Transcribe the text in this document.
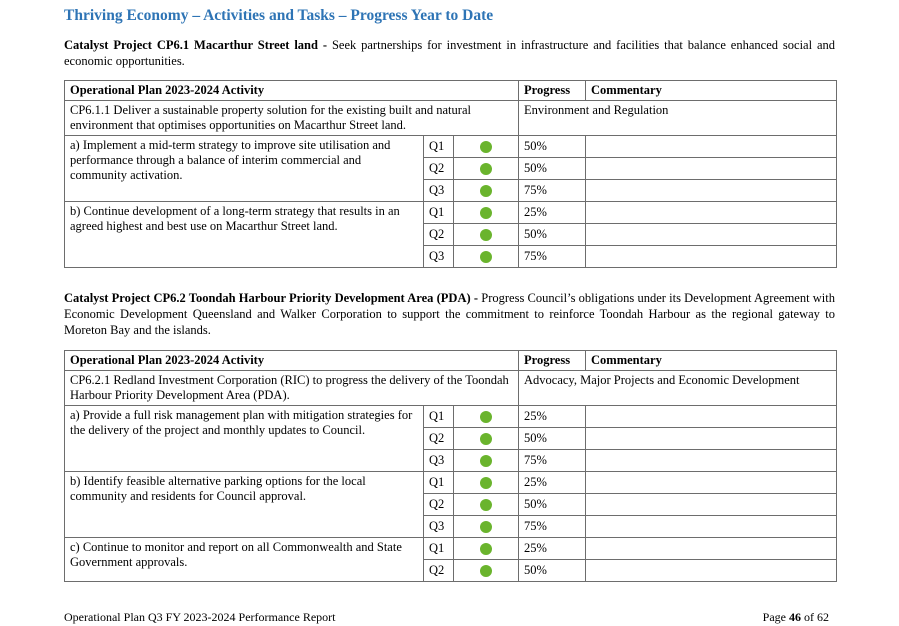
Thriving Economy – Activities and Tasks – Progress Year to Date
Catalyst Project CP6.1 Macarthur Street land - Seek partnerships for investment in infrastructure and facilities that balance enhanced social and economic opportunities.
Operational Plan 2023-2024 Activity			Progress	Commentary
CP6.1.1 Deliver a sustainable property solution for the existing built and natural environment that optimises opportunities on Macarthur Street land.			Environment and Regulation	
a) Implement a mid-term strategy to improve site utilisation and performance through a balance of interim commercial and community activation.	Q1		50%	
	Q2		50%	
	Q3		75%	
b) Continue development of a long-term strategy that results in an agreed highest and best use on Macarthur Street land.	Q1		25%	
	Q2		50%	
	Q3		75%	
Catalyst Project CP6.2 Toondah Harbour Priority Development Area (PDA) - Progress Council’s obligations under its Development Agreement with Economic Development Queensland and Walker Corporation to support the commitment to reinforce Toondah Harbour as the regional gateway to Moreton Bay and the islands.
Operational Plan 2023-2024 Activity			Progress	Commentary
CP6.2.1 Redland Investment Corporation (RIC) to progress the delivery of the Toondah Harbour Priority Development Area (PDA).			Advocacy, Major Projects and Economic Development	
a) Provide a full risk management plan with mitigation strategies for the delivery of the project and monthly updates to Council.	Q1		25%	
	Q2		50%	
	Q3		75%	
b) Identify feasible alternative parking options for the local community and residents for Council approval.	Q1		25%	
	Q2		50%	
	Q3		75%	
c) Continue to monitor and report on all Commonwealth and State Government approvals.	Q1		25%	
	Q2		50%	
Operational Plan Q3 FY 2023-2024 Performance Report	Page 46 of 62
